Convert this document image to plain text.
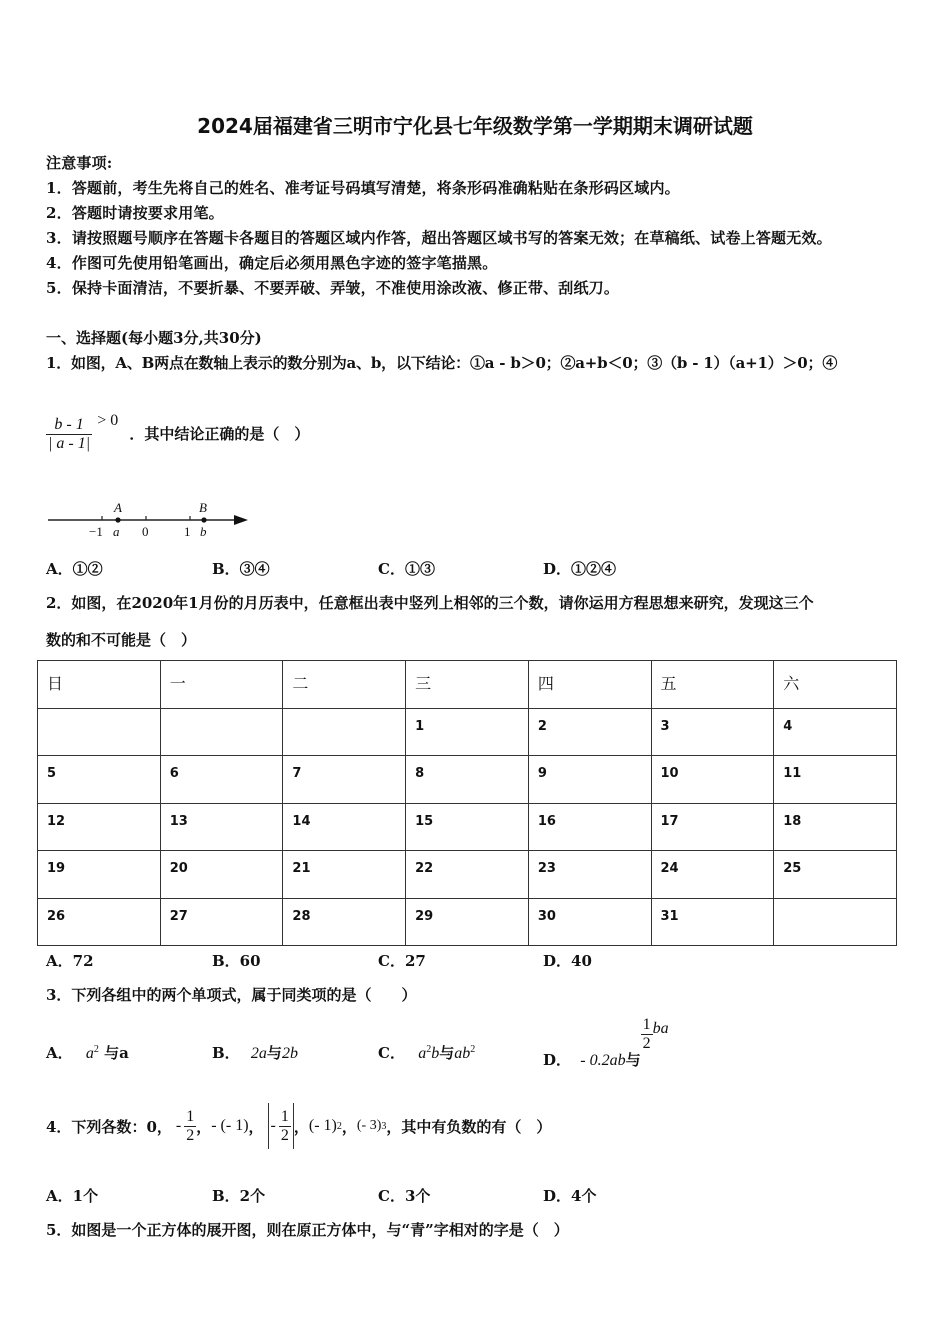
2024届福建省三明市宁化县七年级数学第一学期期末调研试题
注意事项:
1．答题前，考生先将自己的姓名、准考证号码填写清楚，将条形码准确粘贴在条形码区域内。
2．答题时请按要求用笔。
3．请按照题号顺序在答题卡各题目的答题区域内作答，超出答题区域书写的答案无效；在草稿纸、试卷上答题无效。
4．作图可先使用铅笔画出，确定后必须用黑色字迹的签字笔描黑。
5．保持卡面清洁，不要折暴、不要弄破、弄皱，不准使用涂改液、修正带、刮纸刀。
一、选择题(每小题3分,共30分)
1．如图，A、B两点在数轴上表示的数分别为a、b，以下结论：①a - b＞0；②a+b＜0；③（b - 1）（a+1）＞0；④
$\frac{b - 1}{| a - 1|} > 0$ ．其中结论正确的是（　）
A	B
−1 a 0	1 b
A．①②	B．③④	C．①③	D．①②④
2．如图，在2020年1月份的月历表中，任意框出表中竖列上相邻的三个数，请你运用方程思想来研究，发现这三个
数的和不可能是（　）
日	一	二	三	四	五	六
			1	2	3	4
5	6	7	8	9	10	11
12	13	14	15	16	17	18
19	20	21	22	23	24	25
26	27	28	29	30	31	
A．72	B．60	C．27	D．40
3．下列各组中的两个单项式，属于同类项的是（　　）
A． $a^2$ 与a	B． 2a与2b	C． $a^2b$与$ab^2$
D． - 0.2ab与
$\frac{1}{2}$ ba
4．下列各数：0， - $\frac{1}{2}$ ， - (- 1) ， - $\frac{1}{2}$ ， (- 1) 2 ， (- 3) 3 ，其中有负数的有（　）
A．1个	B．2个	C．3个	D．4个
5．如图是一个正方体的展开图，则在原正方体中，与“青”字相对的字是（　）
